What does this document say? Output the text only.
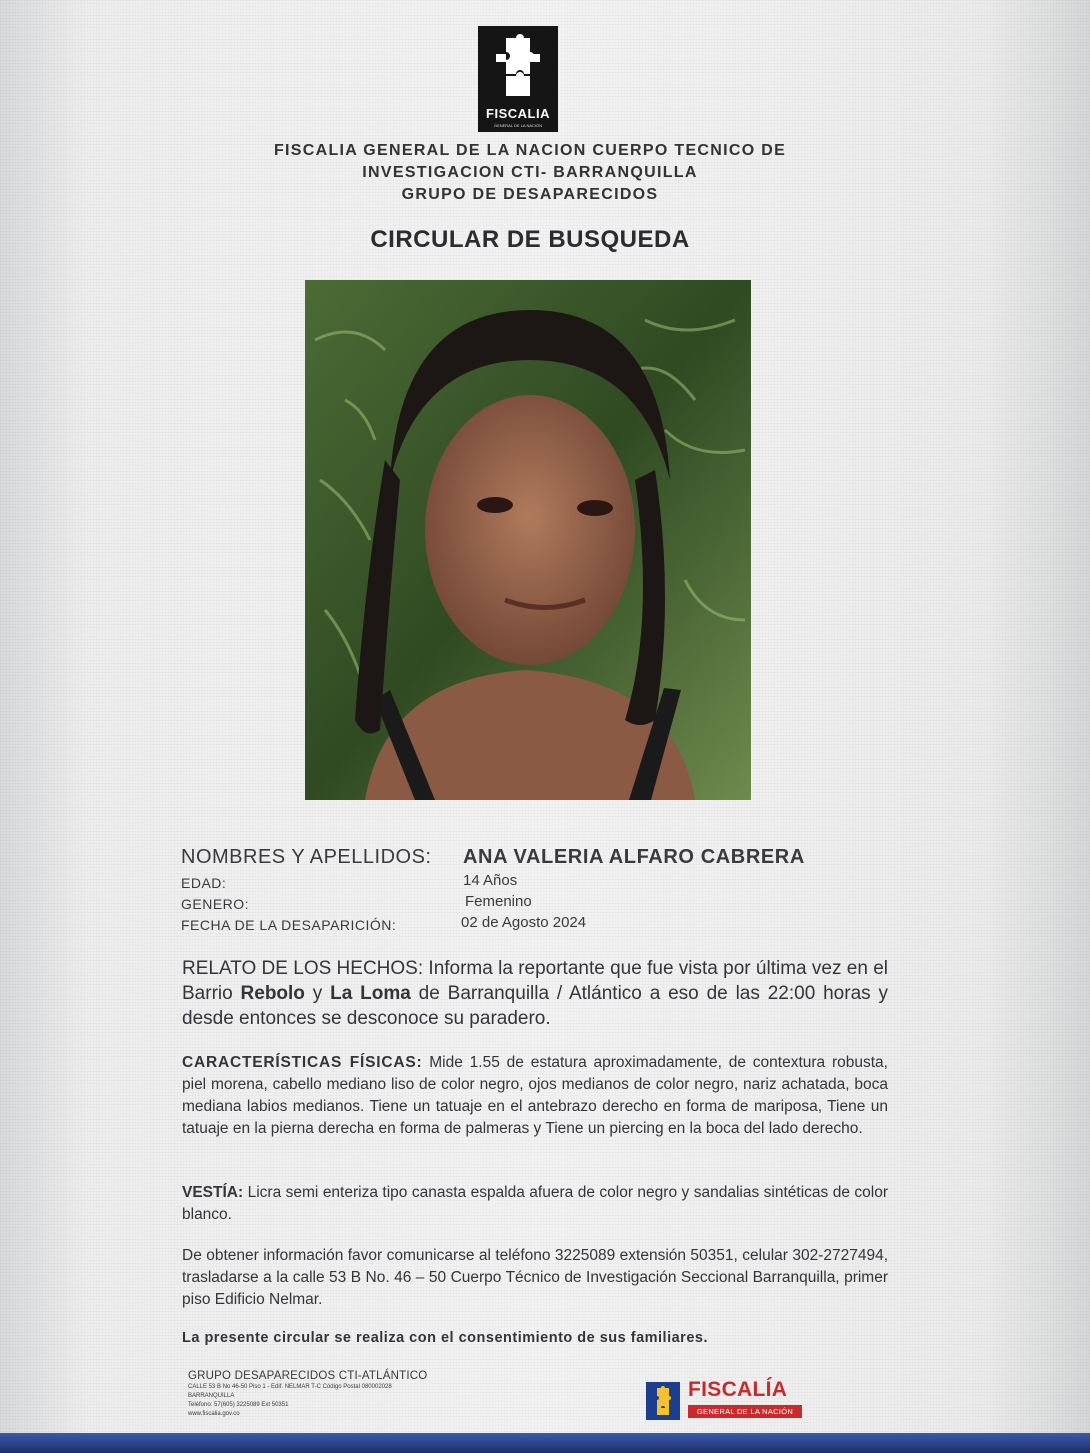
FISCALIA
GENERAL DE LA NACIÓN
FISCALIA GENERAL DE LA NACION CUERPO TECNICO DE
INVESTIGACION CTI- BARRANQUILLA
GRUPO DE DESAPARECIDOS
CIRCULAR DE BUSQUEDA
NOMBRES Y APELLIDOS: ANA VALERIA ALFARO CABRERA
EDAD:	14 Años
GENERO:	Femenino
FECHA DE LA DESAPARICIÓN:	02 de Agosto 2024
RELATO DE LOS HECHOS: Informa la reportante que fue vista por última vez en el Barrio Rebolo y La Loma de Barranquilla / Atlántico a eso de las 22:00 horas y desde entonces se desconoce su paradero.
CARACTERÍSTICAS FÍSICAS: Mide 1.55 de estatura aproximadamente, de contextura robusta, piel morena, cabello mediano liso de color negro, ojos medianos de color negro, nariz achatada, boca mediana labios medianos. Tiene un tatuaje en el antebrazo derecho en forma de mariposa, Tiene un tatuaje en la pierna derecha en forma de palmeras y Tiene un piercing en la boca del lado derecho.
VESTÍA: Licra semi enteriza tipo canasta espalda afuera de color negro y sandalias sintéticas de color blanco.
De obtener información favor comunicarse al teléfono 3225089 extensión 50351, celular 302-2727494, trasladarse a la calle 53 B No. 46 – 50 Cuerpo Técnico de Investigación Seccional Barranquilla, primer piso Edificio Nelmar.
La presente circular se realiza con el consentimiento de sus familiares.
GRUPO DESAPARECIDOS CTI-ATLÁNTICO
CALLE 53 B No 46-50 Piso 1 - Edif. NELMAR T-C Código Postal 080002028
BARRANQUILLA
Teléfono: 57(605) 3225089 Ext 50351
www.fiscalia.gov.co
FISCALÍA
GENERAL DE LA NACIÓN
